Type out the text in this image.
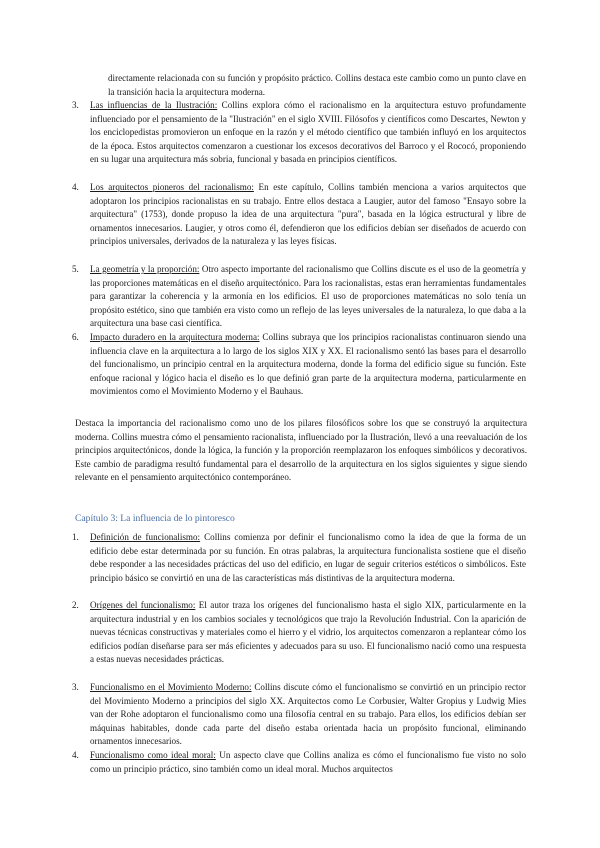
directamente relacionada con su función y propósito práctico. Collins destaca este cambio como un punto clave en la transición hacia la arquitectura moderna.

3. Las influencias de la Ilustración: Collins explora cómo el racionalismo en la arquitectura estuvo profundamente influenciado por el pensamiento de la "Ilustración" en el siglo XVIII. Filósofos y científicos como Descartes, Newton y los enciclopedistas promovieron un enfoque en la razón y el método científico que también influyó en los arquitectos de la época. Estos arquitectos comenzaron a cuestionar los excesos decorativos del Barroco y el Rococó, proponiendo en su lugar una arquitectura más sobria, funcional y basada en principios científicos.
4. Los arquitectos pioneros del racionalismo: En este capítulo, Collins también menciona a varios arquitectos que adoptaron los principios racionalistas en su trabajo. Entre ellos destaca a Laugier, autor del famoso "Ensayo sobre la arquitectura" (1753), donde propuso la idea de una arquitectura "pura", basada en la lógica estructural y libre de ornamentos innecesarios. Laugier, y otros como él, defendieron que los edificios debían ser diseñados de acuerdo con principios universales, derivados de la naturaleza y las leyes físicas.
5. La geometría y la proporción: Otro aspecto importante del racionalismo que Collins discute es el uso de la geometría y las proporciones matemáticas en el diseño arquitectónico. Para los racionalistas, estas eran herramientas fundamentales para garantizar la coherencia y la armonía en los edificios. El uso de proporciones matemáticas no solo tenía un propósito estético, sino que también era visto como un reflejo de las leyes universales de la naturaleza, lo que daba a la arquitectura una base casi científica.
6. Impacto duradero en la arquitectura moderna: Collins subraya que los principios racionalistas continuaron siendo una influencia clave en la arquitectura a lo largo de los siglos XIX y XX. El racionalismo sentó las bases para el desarrollo del funcionalismo, un principio central en la arquitectura moderna, donde la forma del edificio sigue su función. Este enfoque racional y lógico hacia el diseño es lo que definió gran parte de la arquitectura moderna, particularmente en movimientos como el Movimiento Moderno y el Bauhaus.

Destaca la importancia del racionalismo como uno de los pilares filosóficos sobre los que se construyó la arquitectura moderna. Collins muestra cómo el pensamiento racionalista, influenciado por la Ilustración, llevó a una reevaluación de los principios arquitectónicos, donde la lógica, la función y la proporción reemplazaron los enfoques simbólicos y decorativos. Este cambio de paradigma resultó fundamental para el desarrollo de la arquitectura en los siglos siguientes y sigue siendo relevante en el pensamiento arquitectónico contemporáneo.

Capítulo 3: La influencia de lo pintoresco

1. Definición de funcionalismo: Collins comienza por definir el funcionalismo como la idea de que la forma de un edificio debe estar determinada por su función. En otras palabras, la arquitectura funcionalista sostiene que el diseño debe responder a las necesidades prácticas del uso del edificio, en lugar de seguir criterios estéticos o simbólicos. Este principio básico se convirtió en una de las características más distintivas de la arquitectura moderna.
2. Orígenes del funcionalismo: El autor traza los orígenes del funcionalismo hasta el siglo XIX, particularmente en la arquitectura industrial y en los cambios sociales y tecnológicos que trajo la Revolución Industrial. Con la aparición de nuevas técnicas constructivas y materiales como el hierro y el vidrio, los arquitectos comenzaron a replantear cómo los edificios podían diseñarse para ser más eficientes y adecuados para su uso. El funcionalismo nació como una respuesta a estas nuevas necesidades prácticas.
3. Funcionalismo en el Movimiento Moderno: Collins discute cómo el funcionalismo se convirtió en un principio rector del Movimiento Moderno a principios del siglo XX. Arquitectos como Le Corbusier, Walter Gropius y Ludwig Mies van der Rohe adoptaron el funcionalismo como una filosofía central en su trabajo. Para ellos, los edificios debían ser máquinas habitables, donde cada parte del diseño estaba orientada hacia un propósito funcional, eliminando ornamentos innecesarios.
4. Funcionalismo como ideal moral: Un aspecto clave que Collins analiza es cómo el funcionalismo fue visto no solo como un principio práctico, sino también como un ideal moral. Muchos arquitectos
